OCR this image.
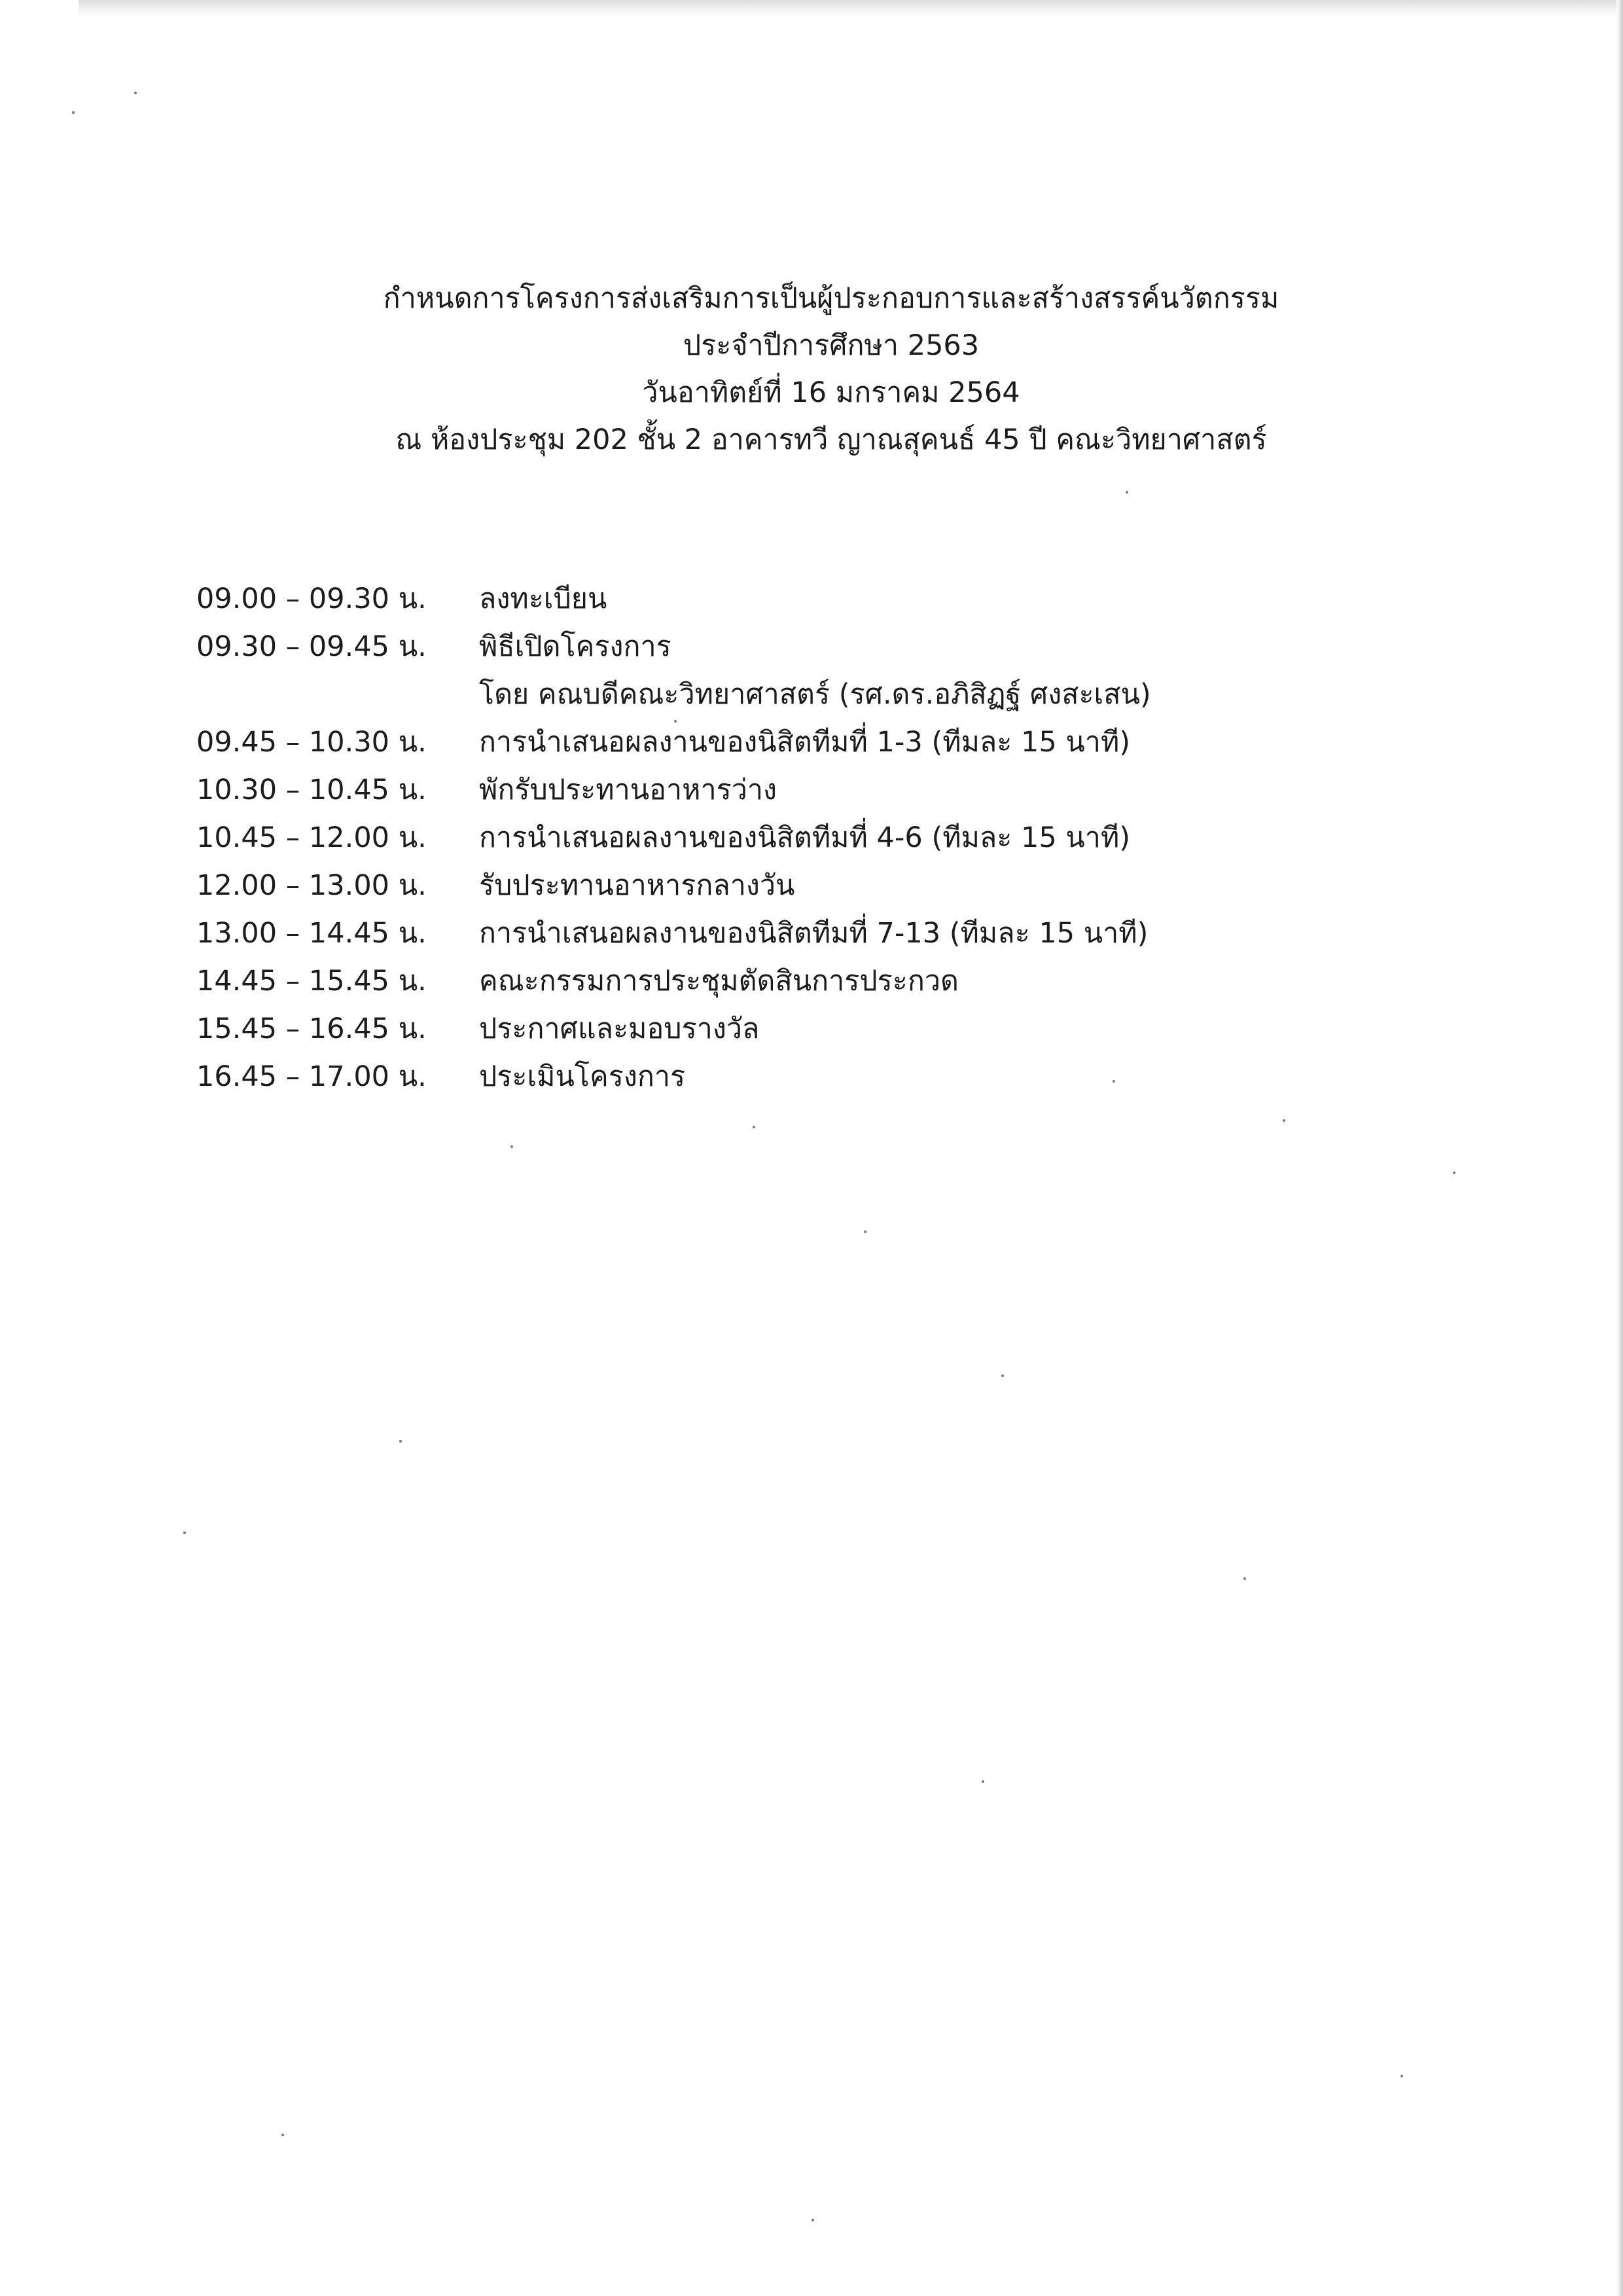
กำหนดการโครงการส่งเสริมการเป็นผู้ประกอบการและสร้างสรรค์นวัตกรรม
ประจำปีการศึกษา 2563
วันอาทิตย์ที่ 16 มกราคม 2564
ณ ห้องประชุม 202 ชั้น 2 อาคารทวี ญาณสุคนธ์ 45 ปี คณะวิทยาศาสตร์
09.00 – 09.30 น. ลงทะเบียน
09.30 – 09.45 น. พิธีเปิดโครงการ
โดย คณบดีคณะวิทยาศาสตร์ (รศ.ดร.อภิสิฏฐ์ ศงสะเสน)
09.45 – 10.30 น. การนำเสนอผลงานของนิสิตทีมที่ 1-3 (ทีมละ 15 นาที)
10.30 – 10.45 น. พักรับประทานอาหารว่าง
10.45 – 12.00 น. การนำเสนอผลงานของนิสิตทีมที่ 4-6 (ทีมละ 15 นาที)
12.00 – 13.00 น. รับประทานอาหารกลางวัน
13.00 – 14.45 น. การนำเสนอผลงานของนิสิตทีมที่ 7-13 (ทีมละ 15 นาที)
14.45 – 15.45 น. คณะกรรมการประชุมตัดสินการประกวด
15.45 – 16.45 น. ประกาศและมอบรางวัล
16.45 – 17.00 น. ประเมินโครงการ
